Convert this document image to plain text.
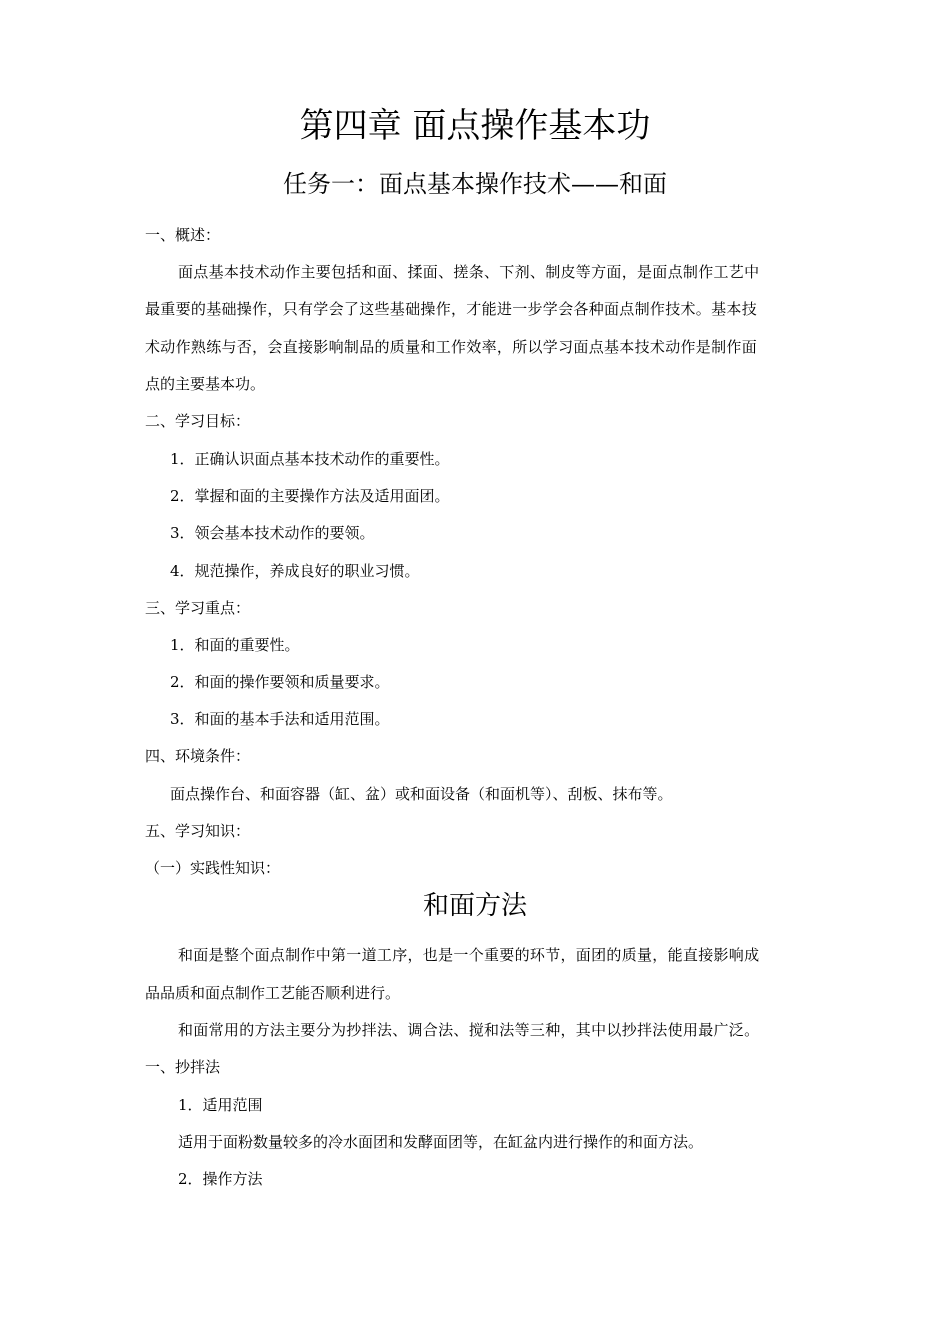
第四章 面点操作基本功
任务一：面点基本操作技术——和面
一、概述：
面点基本技术动作主要包括和面、揉面、搓条、下剂、制皮等方面，是面点制作工艺中
最重要的基础操作，只有学会了这些基础操作，才能进一步学会各种面点制作技术。基本技
术动作熟练与否，会直接影响制品的质量和工作效率，所以学习面点基本技术动作是制作面
点的主要基本功。
二、学习目标：
1．正确认识面点基本技术动作的重要性。
2．掌握和面的主要操作方法及适用面团。
3．领会基本技术动作的要领。
4．规范操作，养成良好的职业习惯。
三、学习重点：
1．和面的重要性。
2．和面的操作要领和质量要求。
3．和面的基本手法和适用范围。
四、环境条件：
面点操作台、和面容器（缸、盆）或和面设备（和面机等）、刮板、抹布等。
五、学习知识：
（一）实践性知识：
和面方法
和面是整个面点制作中第一道工序，也是一个重要的环节，面团的质量，能直接影响成
品品质和面点制作工艺能否顺利进行。
和面常用的方法主要分为抄拌法、调合法、搅和法等三种，其中以抄拌法使用最广泛。
一、抄拌法
1．适用范围
适用于面粉数量较多的冷水面团和发酵面团等，在缸盆内进行操作的和面方法。
2．操作方法
